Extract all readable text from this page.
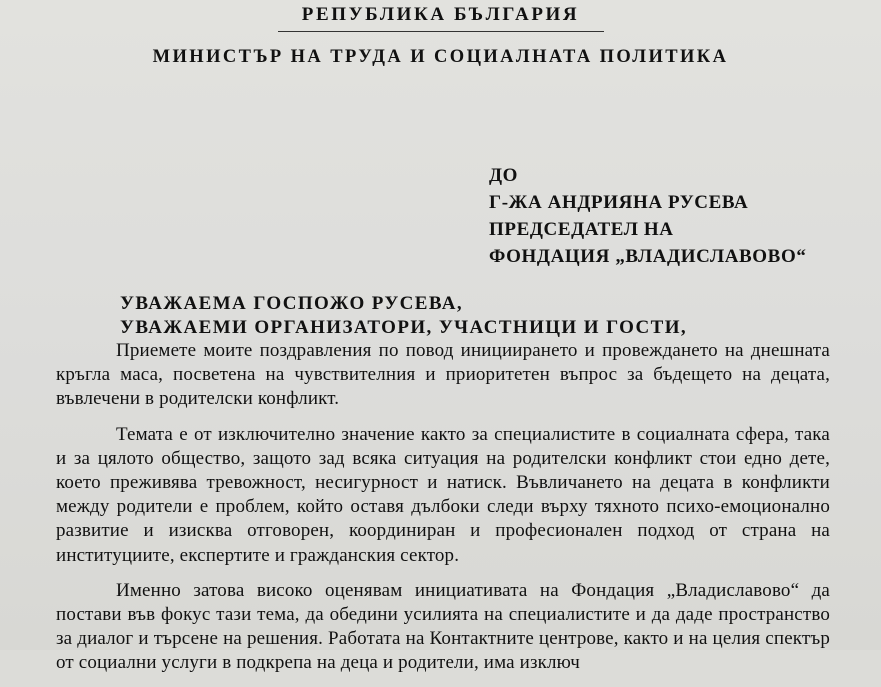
РЕПУБЛИКА БЪЛГАРИЯ
МИНИСТЪР НА ТРУДА И СОЦИАЛНАТА ПОЛИТИКА
ДО
Г-ЖА АНДРИЯНА РУСЕВА
ПРЕДСЕДАТЕЛ НА
ФОНДАЦИЯ „ВЛАДИСЛАВОВО“
УВАЖАЕМА ГОСПОЖО РУСЕВА,
УВАЖАЕМИ ОРГАНИЗАТОРИ, УЧАСТНИЦИ И ГОСТИ,

Приемете моите поздравления по повод инициирането и провеждането на днешната кръгла маса, посветена на чувствителния и приоритетен въпрос за бъдещето на децата, въвлечени в родителски конфликт.

Темата е от изключително значение както за специалистите в социалната сфера, така и за цялото общество, защото зад всяка ситуация на родителски конфликт стои едно дете, което преживява тревожност, несигурност и натиск. Въвличането на децата в конфликти между родители е проблем, който оставя дълбоки следи върху тяхното психо-емоционално развитие и изисква отговорен, координиран и професионален подход от страна на институциите, експертите и гражданския сектор.

Именно затова високо оценявам инициативата на Фондация „Владиславово“ да постави във фокус тази тема, да обедини усилията на специалистите и да даде пространство за диалог и търсене на решения. Работата на Контактните центрове, както и на целия спектър от социални услуги в подкрепа на деца и родители, има изключ
